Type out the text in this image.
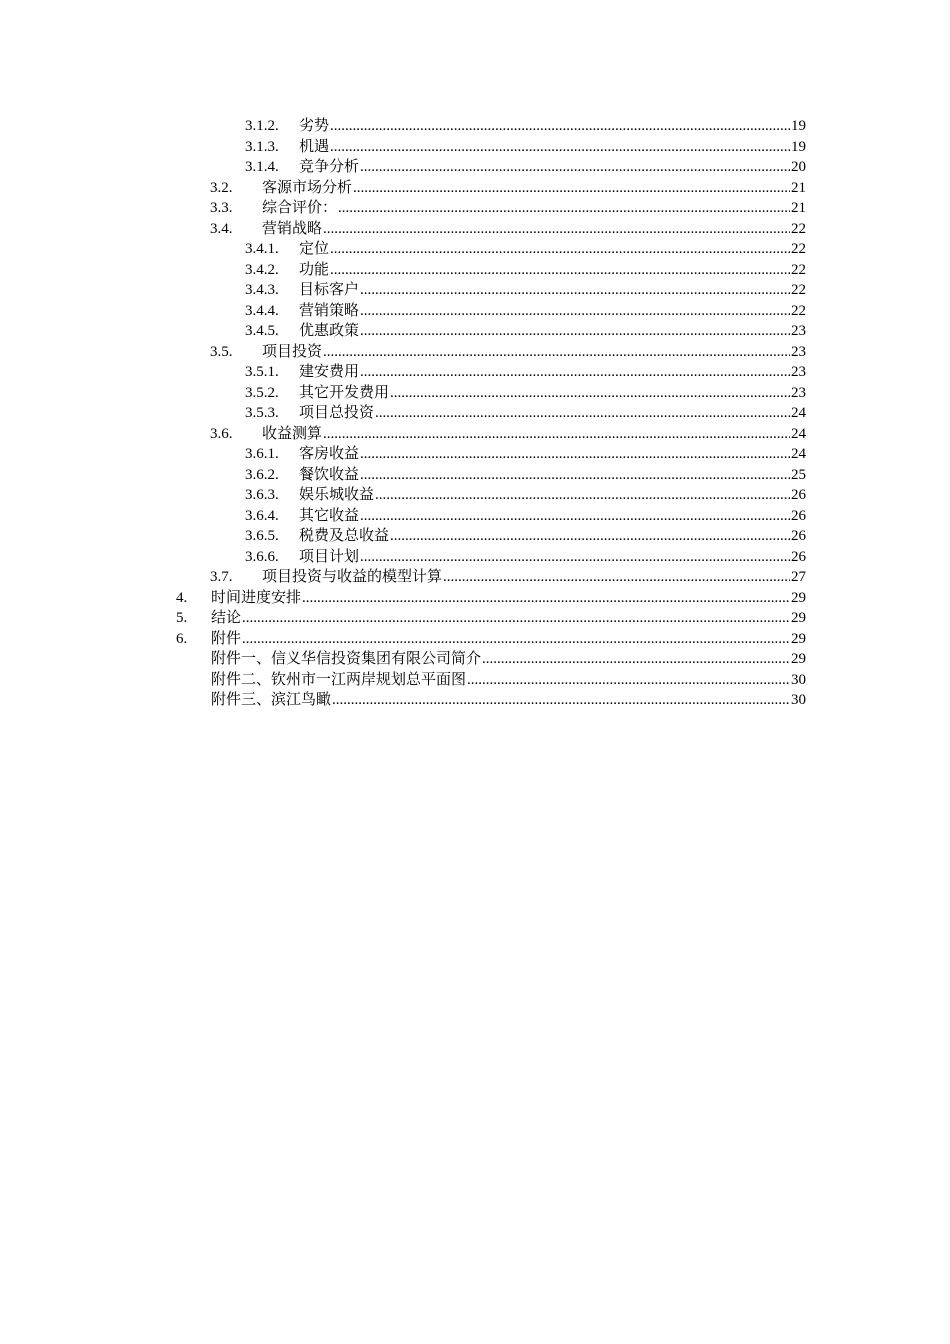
3.1.2. 劣势 .....	19
3.1.3. 机遇 .....	19
3.1.4. 竞争分析 .....	20
3.2. 客源市场分析 .....	21
3.3. 综合评价： .....	21
3.4. 营销战略 .....	22
3.4.1. 定位 .....	22
3.4.2. 功能 .....	22
3.4.3. 目标客户 .....	22
3.4.4. 营销策略 .....	22
3.4.5. 优惠政策 .....	23
3.5. 项目投资 .....	23
3.5.1. 建安费用 .....	23
3.5.2. 其它开发费用 .....	23
3.5.3. 项目总投资 .....	24
3.6. 收益测算 .....	24
3.6.1. 客房收益 .....	24
3.6.2. 餐饮收益 .....	25
3.6.3. 娱乐城收益 .....	26
3.6.4. 其它收益 .....	26
3.6.5. 税费及总收益 .....	26
3.6.6. 项目计划 .....	26
3.7. 项目投资与收益的模型计算 .....	27
4. 时间进度安排 .....	29
5. 结论 .....	29
6. 附件 .....	29
附件一、信义华信投资集团有限公司简介 .....	29
附件二、钦州市一江两岸规划总平面图 .....	30
附件三、滨江鸟瞰 .....	30
